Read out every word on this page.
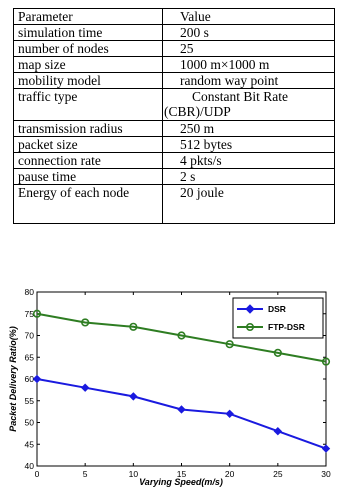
Parameter	Value
simulation time	200 s
number of nodes	25
map size	1000 m×1000 m
mobility model	random way point
traffic type	Constant Bit Rate
(CBR)/UDP

transmission radius	250 m
packet size	512 bytes
connection rate	4 pkts/s
pause time	2 s
Energy of each node	20 joule
0	5	10	15	20	25	30
40
45
50
55
60
65
70
75
80
Varying Speed(m/s)
Packet Delivery Ratio(%)
DSR
FTP-DSR
